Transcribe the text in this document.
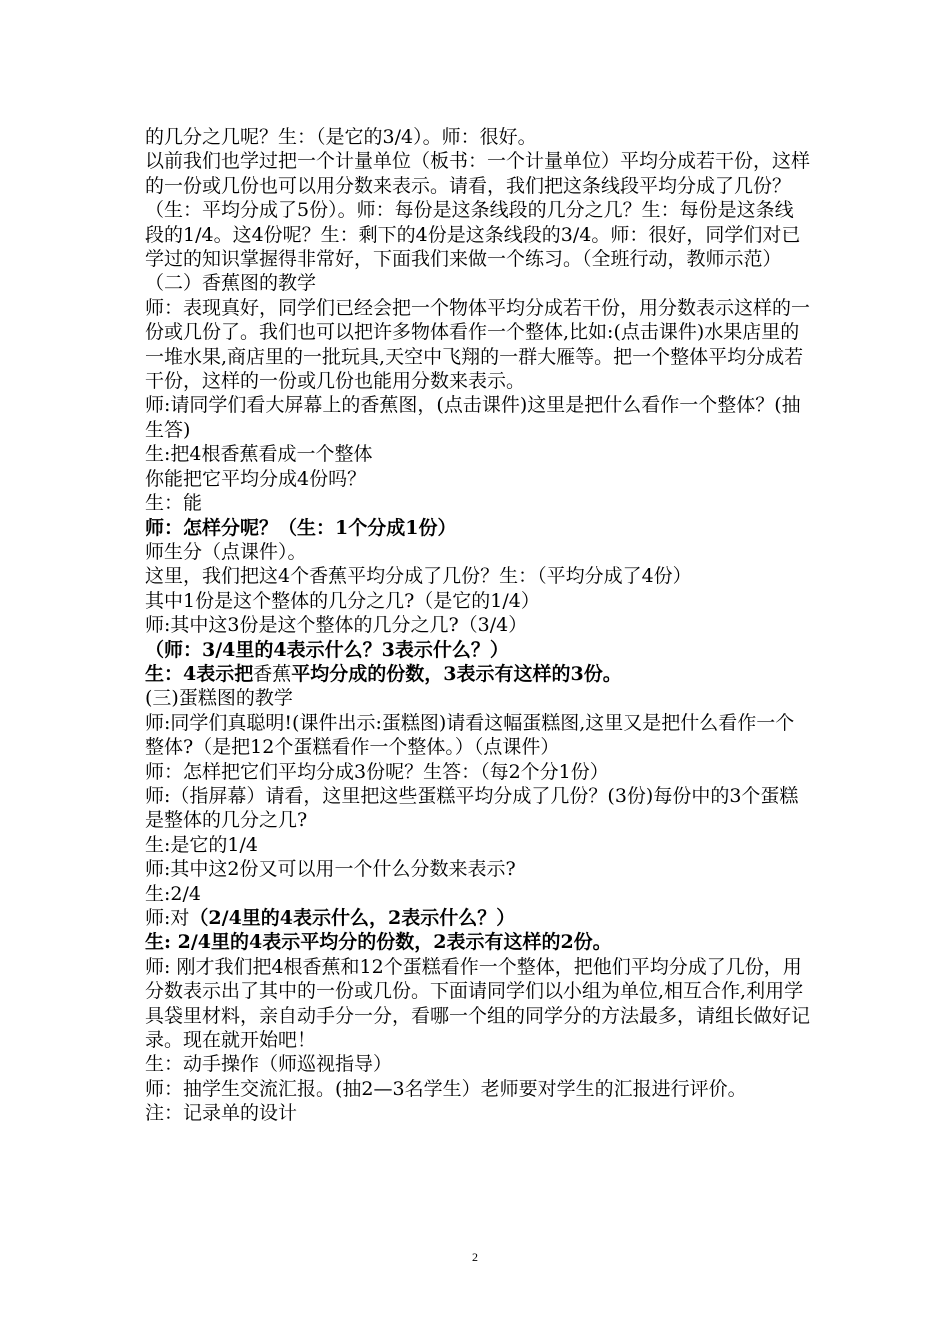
的几分之几呢？生：（是它的3/4）。师：很好。

以前我们也学过把一个计量单位（板书：一个计量单位）平均分成若干份，这样的一份或几份也可以用分数来表示。请看，我们把这条线段平均分成了几份？（生：平均分成了5份）。师：每份是这条线段的几分之几？生：每份是这条线段的1/4。这4份呢？生：剩下的4份是这条线段的3/4。师：很好，同学们对已学过的知识掌握得非常好，下面我们来做一个练习。（全班行动，教师示范）

（二）香蕉图的教学

师：表现真好，同学们已经会把一个物体平均分成若干份，用分数表示这样的一份或几份了。我们也可以把许多物体看作一个整体,比如:(点击课件)水果店里的一堆水果,商店里的一批玩具,天空中飞翔的一群大雁等。把一个整体平均分成若干份，这样的一份或几份也能用分数来表示。

师:请同学们看大屏幕上的香蕉图，(点击课件)这里是把什么看作一个整体？(抽生答)

生:把4根香蕉看成一个整体

你能把它平均分成4份吗？

生：能

师：怎样分呢？（生：1个分成1份）

师生分（点课件）。

这里，我们把这4个香蕉平均分成了几份？生：（平均分成了4份）

其中1份是这个整体的几分之几?（是它的1/4）

师:其中这3份是这个整体的几分之几?（3/4）

（师：3/4里的4表示什么？3表示什么？）

生：4表示把香蕉平均分成的份数，3表示有这样的3份。

(三)蛋糕图的教学

师:同学们真聪明!(课件出示:蛋糕图)请看这幅蛋糕图,这里又是把什么看作一个整体?（是把12个蛋糕看作一个整体。）（点课件）

师：怎样把它们平均分成3份呢？生答：（每2个分1份）

师:（指屏幕）请看，这里把这些蛋糕平均分成了几份？(3份)每份中的3个蛋糕是整体的几分之几?

生:是它的1/4

师:其中这2份又可以用一个什么分数来表示?

生:2/4

师:对（2/4里的4表示什么，2表示什么？）

生: 2/4里的4表示平均分的份数，2表示有这样的2份。

师: 刚才我们把4根香蕉和12个蛋糕看作一个整体，把他们平均分成了几份，用分数表示出了其中的一份或几份。下面请同学们以小组为单位,相互合作,利用学具袋里材料，亲自动手分一分，看哪一个组的同学分的方法最多，请组长做好记录。现在就开始吧！

生：动手操作（师巡视指导）

师：抽学生交流汇报。(抽2—3名学生）老师要对学生的汇报进行评价。

注：记录单的设计

2
